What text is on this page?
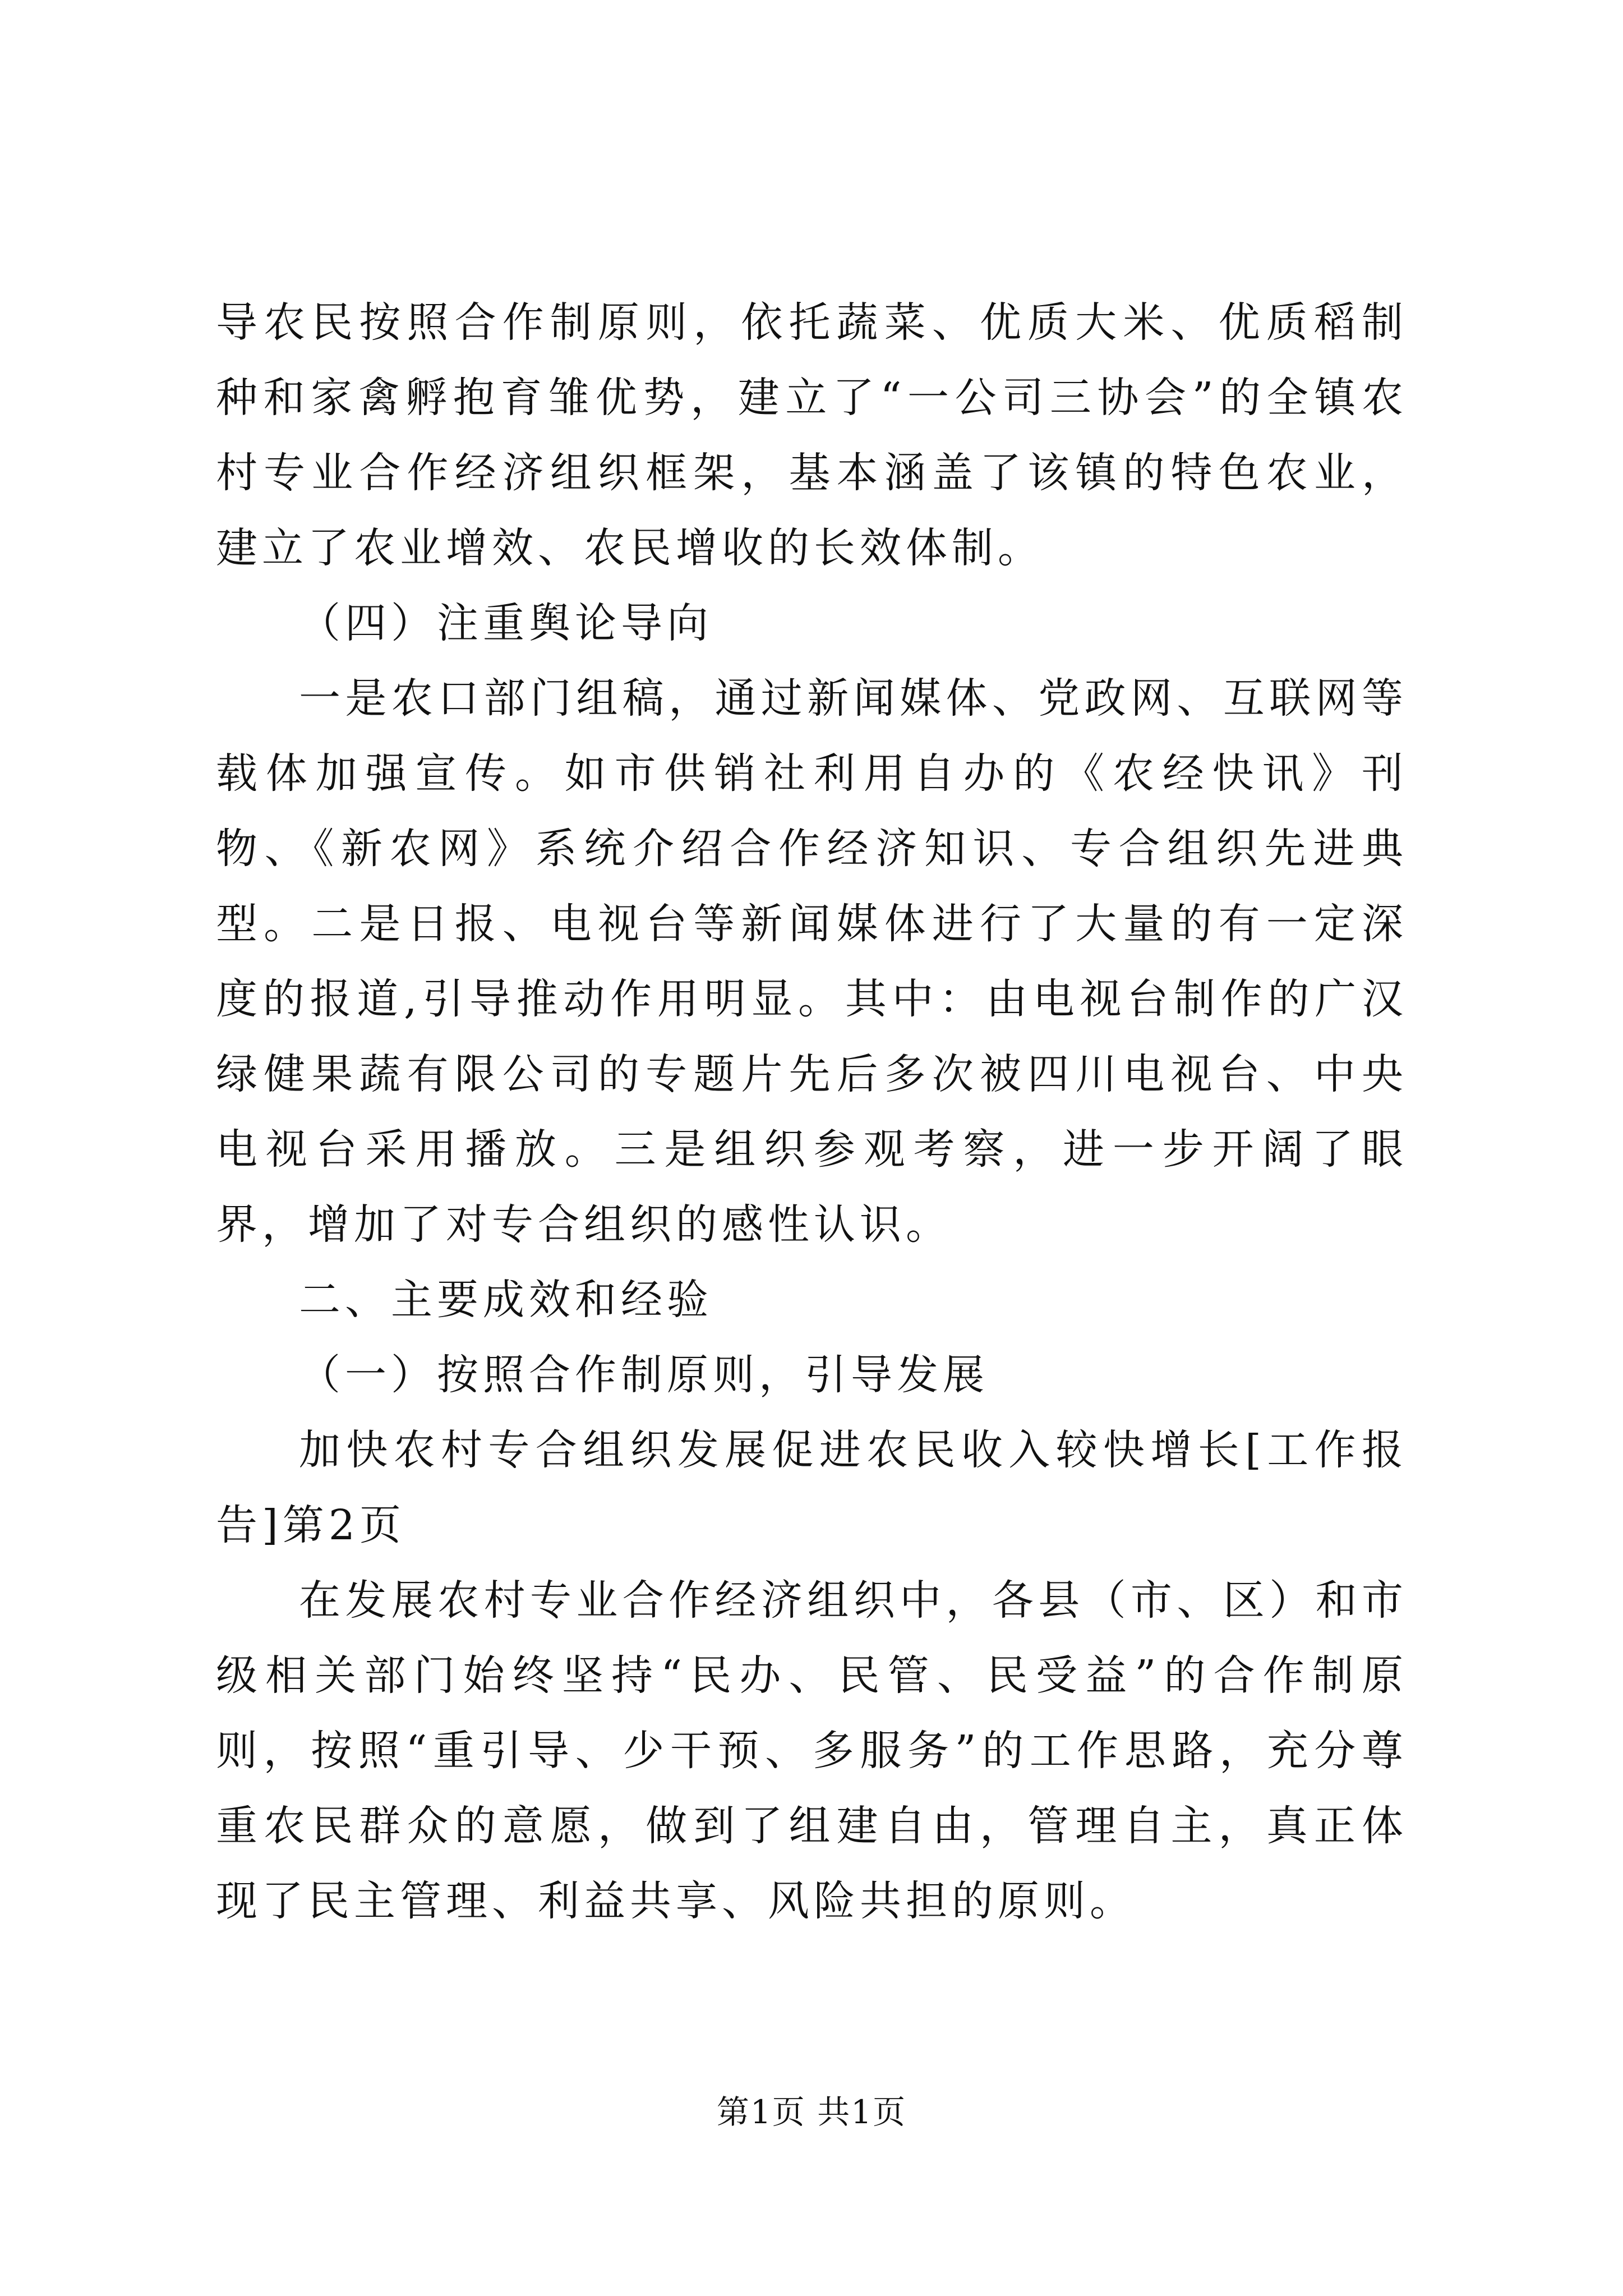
导农民按照合作制原则，依托蔬菜、优质大米、优质稻制种和家禽孵抱育雏优势，建立了“一公司三协会”的全镇农村专业合作经济组织框架，基本涵盖了该镇的特色农业，建立了农业增效、农民增收的长效体制。

（四）注重舆论导向

一是农口部门组稿，通过新闻媒体、党政网、互联网等载体加强宣传。如市供销社利用自办的《农经快讯》刊物、《新农网》系统介绍合作经济知识、专合组织先进典型。二是日报、电视台等新闻媒体进行了大量的有一定深度的报道,引导推动作用明显。其中：由电视台制作的广汉绿健果蔬有限公司的专题片先后多次被四川电视台、中央电视台采用播放。三是组织参观考察，进一步开阔了眼界，增加了对专合组织的感性认识。

二、主要成效和经验

（一）按照合作制原则，引导发展

加快农村专合组织发展促进农民收入较快增长[工作报告]第2页

在发展农村专业合作经济组织中，各县（市、区）和市级相关部门始终坚持“民办、民管、民受益”的合作制原则，按照“重引导、少干预、多服务”的工作思路，充分尊重农民群众的意愿，做到了组建自由，管理自主，真正体现了民主管理、利益共享、风险共担的原则。

第1页 共1页
